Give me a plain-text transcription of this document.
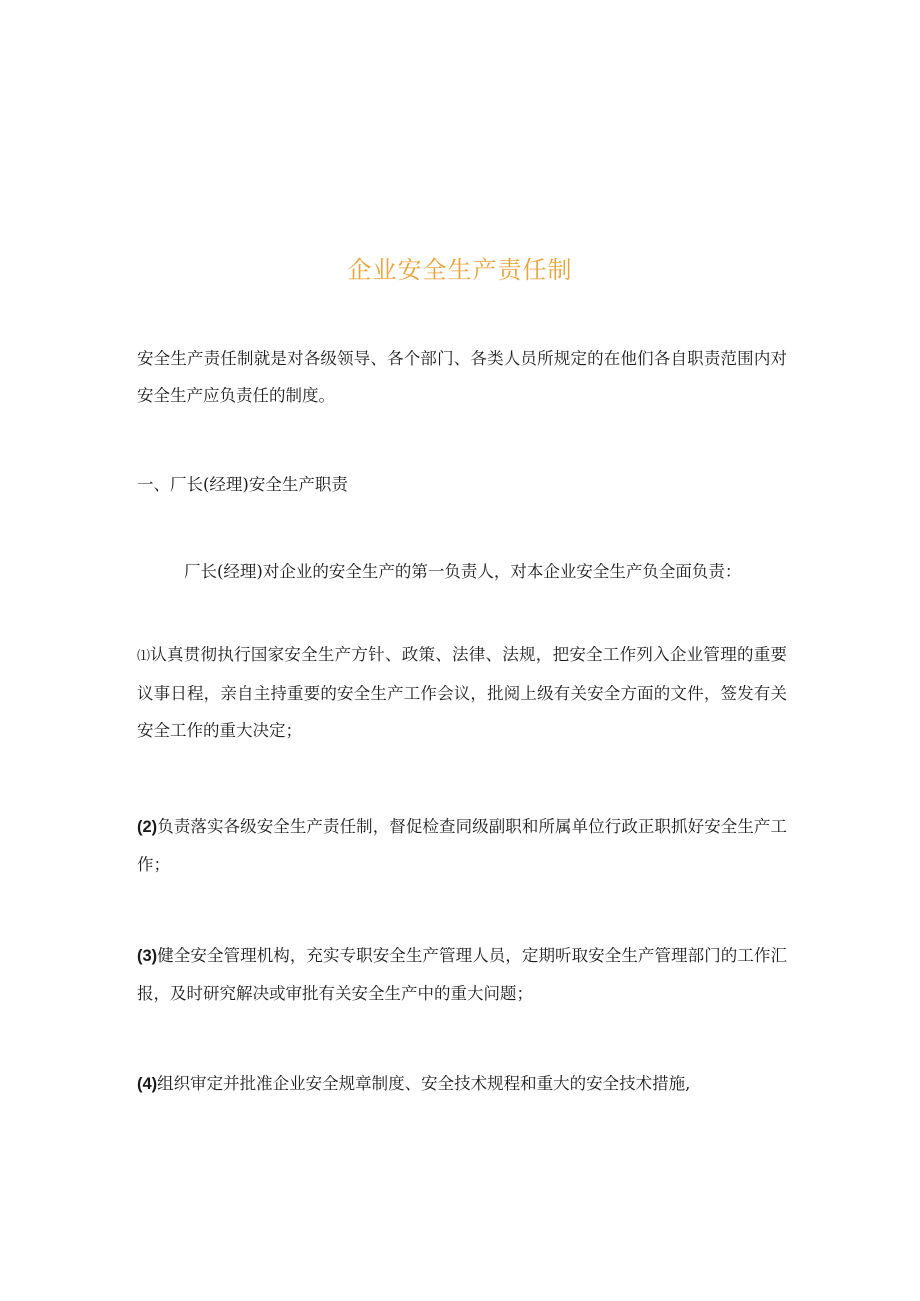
企业安全生产责任制

安全生产责任制就是对各级领导、各个部门、各类人员所规定的在他们各自职责范围内对安全生产应负责任的制度。

一、厂长(经理)安全生产职责

厂长(经理)对企业的安全生产的第一负责人，对本企业安全生产负全面负责：

⑴认真贯彻执行国家安全生产方针、政策、法律、法规，把安全工作列入企业管理的重要议事日程，亲自主持重要的安全生产工作会议，批阅上级有关安全方面的文件，签发有关安全工作的重大决定；

(2)负责落实各级安全生产责任制，督促检查同级副职和所属单位行政正职抓好安全生产工作；

(3)健全安全管理机构，充实专职安全生产管理人员，定期听取安全生产管理部门的工作汇报，及时研究解决或审批有关安全生产中的重大问题；

(4)组织审定并批准企业安全规章制度、安全技术规程和重大的安全技术措施,
